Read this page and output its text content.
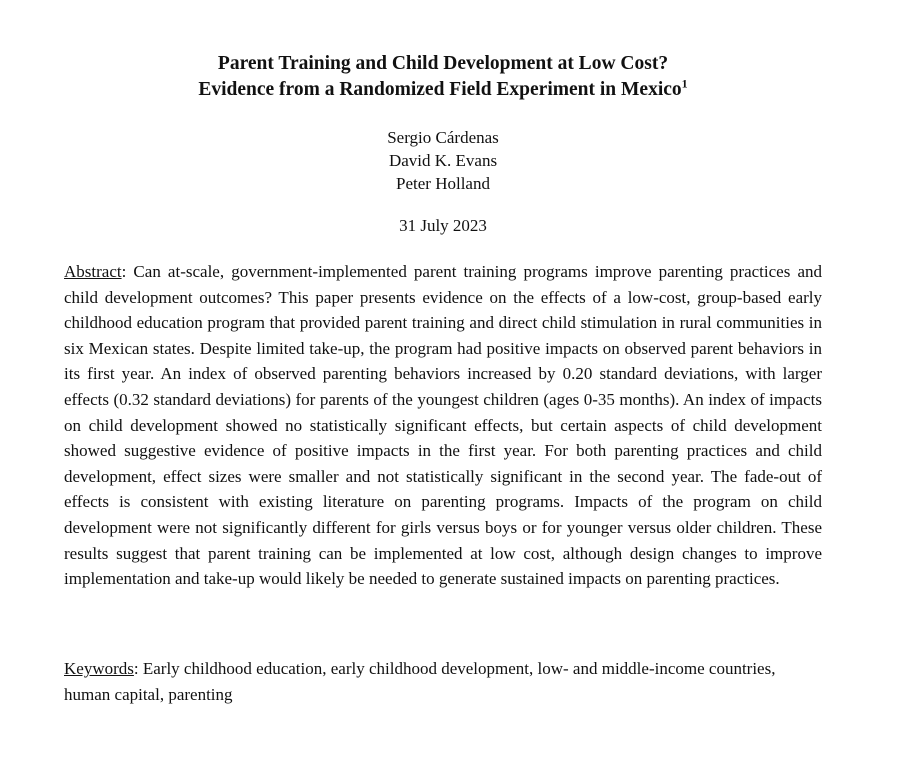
Parent Training and Child Development at Low Cost?
Evidence from a Randomized Field Experiment in Mexico$^1$
Sergio Cárdenas
David K. Evans
Peter Holland
31 July 2023

Abstract: Can at-scale, government-implemented parent training programs improve parenting practices and child development outcomes? This paper presents evidence on the effects of a low-cost, group-based early childhood education program that provided parent training and direct child stimulation in rural communities in six Mexican states. Despite limited take-up, the program had positive impacts on observed parent behaviors in its first year. An index of observed parenting behaviors increased by 0.20 standard deviations, with larger effects (0.32 standard deviations) for parents of the youngest children (ages 0-35 months). An index of impacts on child development showed no statistically significant effects, but certain aspects of child development showed suggestive evidence of positive impacts in the first year. For both parenting practices and child development, effect sizes were smaller and not statistically significant in the second year. The fade-out of effects is consistent with existing literature on parenting programs. Impacts of the program on child development were not significantly different for girls versus boys or for younger versus older children. These results suggest that parent training can be implemented at low cost, although design changes to improve implementation and take-up would likely be needed to generate sustained impacts on parenting practices.

Keywords: Early childhood education, early childhood development, low- and middle-income countries, human capital, parenting
